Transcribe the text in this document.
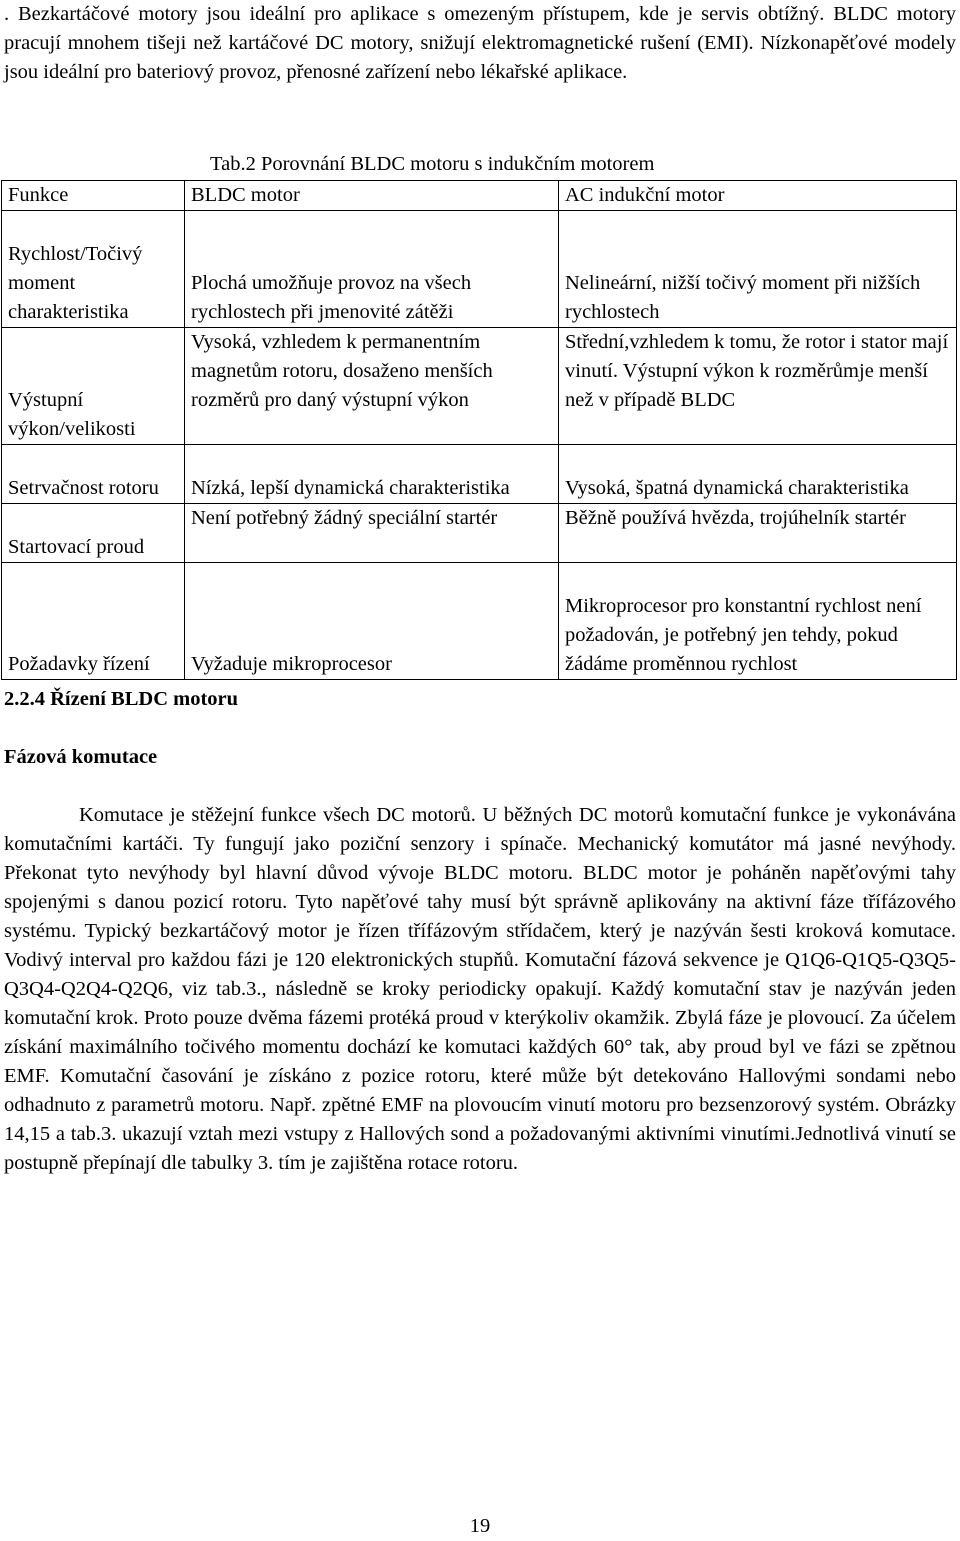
. Bezkartáčové motory jsou ideální pro aplikace s omezeným přístupem, kde je servis obtížný. BLDC motory pracují mnohem tišeji než kartáčové DC motory, snižují elektromagnetické rušení (EMI). Nízkonapěťové modely jsou ideální pro bateriový provoz, přenosné zařízení nebo lékařské aplikace.

Tab.2 Porovnání BLDC motoru s indukčním motorem

Funkce	BLDC motor	AC indukční motor
Rychlost/Točivý moment charakteristika	Plochá umožňuje provoz na všech rychlostech při jmenovité zátěži	Nelineární, nižší točivý moment při nižších rychlostech
Výstupní výkon/velikosti	Vysoká, vzhledem k permanentním magnetům rotoru, dosaženo menších rozměrů pro daný výstupní výkon	Střední,vzhledem k tomu, že rotor i stator mají vinutí. Výstupní výkon k rozměrůmje menší než v případě BLDC
Setrvačnost rotoru	Nízká, lepší dynamická charakteristika	Vysoká, špatná dynamická charakteristika
Startovací proud	Není potřebný žádný speciální startér	Běžně používá hvězda, trojúhelník startér
Požadavky řízení	Vyžaduje mikroprocesor	Mikroprocesor pro konstantní rychlost není požadován, je potřebný jen tehdy, pokud žádáme proměnnou rychlost
2.2.4 Řízení BLDC motoru
Fázová komutace

Komutace je stěžejní funkce všech DC motorů. U běžných DC motorů komutační funkce je vykonávána komutačními kartáči. Ty fungují jako poziční senzory i spínače. Mechanický komutátor má jasné nevýhody. Překonat tyto nevýhody byl hlavní důvod vývoje BLDC motoru. BLDC motor je poháněn napěťovými tahy spojenými s danou pozicí rotoru. Tyto napěťové tahy musí být správně aplikovány na aktivní fáze třífázového systému. Typický bezkartáčový motor je řízen třífázovým střídačem, který je nazýván šesti kroková komutace. Vodivý interval pro každou fázi je 120 elektronických stupňů. Komutační fázová sekvence je Q1Q6-Q1Q5-Q3Q5-Q3Q4-Q2Q4-Q2Q6, viz tab.3., následně se kroky periodicky opakují. Každý komutační stav je nazýván jeden komutační krok. Proto pouze dvěma fázemi protéká proud v kterýkoliv okamžik. Zbylá fáze je plovoucí. Za účelem získání maximálního točivého momentu dochází ke komutaci každých 60° tak, aby proud byl ve fázi se zpětnou EMF. Komutační časování je získáno z pozice rotoru, které může být detekováno Hallovými sondami nebo odhadnuto z parametrů motoru. Např. zpětné EMF na plovoucím vinutí motoru pro bezsenzorový systém. Obrázky 14,15 a tab.3. ukazují vztah mezi vstupy z Hallových sond a požadovanými aktivními vinutími.Jednotlivá vinutí se postupně přepínají dle tabulky 3. tím je zajištěna rotace rotoru.

19
